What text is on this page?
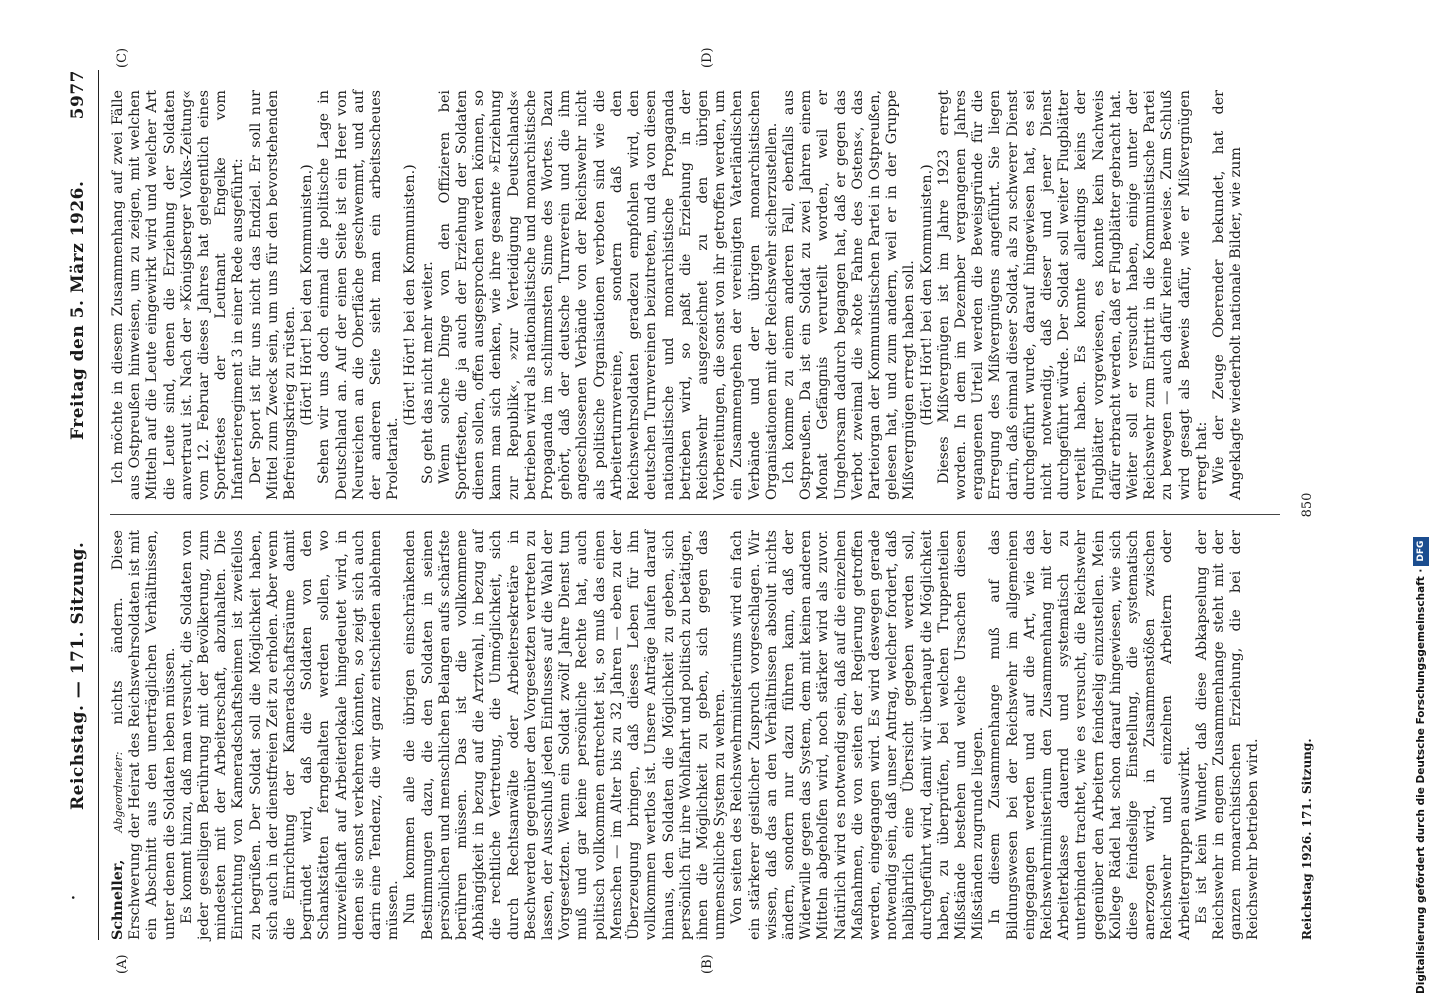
·
Reichstag. — 171. Sitzung.
Freitag den 5. März 1926.
5977

Schneller, Abgeordneter: nichts ändern. Diese Erschwerung der Heirat des Reichswehrsoldaten ist mit ein Abschnitt aus den unerträglichen Verhältnissen, unter denen die Soldaten leben müssen. Es kommt hinzu, daß man versucht, die Soldaten von jeder geselligen Berührung mit der Bevölkerung, zum mindesten mit der Arbeiterschaft, abzuhalten. Die Einrichtung von Kameradschaftsheimen ist zweifellos zu begrüßen. Der Soldat soll die Möglichkeit haben, sich auch in der dienstfreien Zeit zu erholen. Aber wenn die Einrichtung der Kameradschaftsräume damit begründet wird, daß die Soldaten von den Schankstätten ferngehalten werden sollen, wo unzweifelhaft auf Arbeiterlokale hingedeutet wird, in denen sie sonst verkehren könnten, so zeigt sich auch darin eine Tendenz, die wir ganz entschieden ablehnen müssen. Nun kommen alle die übrigen einschränkenden Bestimmungen dazu, die den Soldaten in seinen persönlichen und menschlichen Belangen aufs schärfste berühren müssen. Das ist die vollkommene Abhängigkeit in bezug auf die Arztwahl, in bezug auf die rechtliche Vertretung, die Unmöglichkeit, sich durch Rechtsanwälte oder Arbeitersekretäre in Beschwerden gegenüber den Vorgesetzten vertreten zu lassen, der Ausschluß jeden Einflusses auf die Wahl der Vorgesetzten. Wenn ein Soldat zwölf Jahre Dienst tun muß und gar keine persönliche Rechte hat, auch politisch vollkommen entrechtet ist, so muß das einen Menschen — im Alter bis zu 32 Jahren — eben zu der Überzeugung bringen, daß dieses Leben für ihn vollkommen wertlos ist. Unsere Anträge laufen darauf hinaus, den Soldaten die Möglichkeit zu geben, sich persönlich für ihre Wohlfahrt und politisch zu betätigen, ihnen die Möglichkeit zu geben, sich gegen das unmenschliche System zu wehren. Von seiten des Reichswehrministeriums wird ein fach ein stärkerer geistlicher Zuspruch vorgeschlagen. Wir wissen, daß das an den Verhältnissen absolut nichts ändern, sondern nur dazu führen kann, daß der Widerwille gegen das System, dem mit keinen anderen Mitteln abgeholfen wird, noch stärker wird als zuvor. Natürlich wird es notwendig sein, daß auf die einzelnen Maßnahmen, die von seiten der Regierung getroffen werden, eingegangen wird. Es wird deswegen gerade notwendig sein, daß unser Antrag, welcher fordert, daß halbjährlich eine Übersicht gegeben werden soll, durchgeführt wird, damit wir überhaupt die Möglichkeit haben, zu überprüfen, bei welchen Truppenteilen Mißstände bestehen und welche Ursachen diesen Mißständen zugrunde liegen. In diesem Zusammenhange muß auf das Bildungswesen bei der Reichswehr im allgemeinen eingegangen werden und auf die Art, wie das Reichswehrministerium den Zusammenhang mit der Arbeiterklasse dauernd und systematisch zu unterbinden trachtet, wie es versucht, die Reichswehr gegenüber den Arbeitern feindselig einzustellen. Mein Kollege Rädel hat schon darauf hingewiesen, wie sich diese feindselige Einstellung, die systematisch anerzogen wird, in Zusammenstößen zwischen Reichswehr und einzelnen Arbeitern oder Arbeitergruppen auswirkt. Es ist kein Wunder, daß diese Abkapselung der Reichswehr in engem Zusammenhange steht mit der ganzen monarchistischen Erziehung, die bei der Reichswehr betrieben wird.

Ich möchte in diesem Zusammenhang auf zwei Fälle aus Ostpreußen hinweisen, um zu zeigen, mit welchen Mitteln auf die Leute eingewirkt wird und welcher Art die Leute sind, denen die Erziehung der Soldaten anvertraut ist. Nach der »Königsberger Volks-Zeitung« vom 12. Februar dieses Jahres hat gelegentlich eines Sportfestes der Leutnant Engelke vom Infanterieregiment 3 in einer Rede ausgeführt: Der Sport ist für uns nicht das Endziel. Er soll nur Mittel zum Zweck sein, um uns für den bevorstehenden Befreiungskrieg zu rüsten. (Hört! Hört! bei den Kommunisten.) Sehen wir uns doch einmal die politische Lage in Deutschland an. Auf der einen Seite ist ein Heer von Neureichen an die Oberfläche geschwemmt, und auf der anderen Seite sieht man ein arbeitsscheues Proletariat.

(Hört! Hört! bei den Kommunisten.) So geht das nicht mehr weiter. Wenn solche Dinge von den Offizieren bei Sportfesten, die ja auch der Erziehung der Soldaten dienen sollen, offen ausgesprochen werden können, so kann man sich denken, wie ihre gesamte »Erziehung zur Republik«, »zur Verteidigung Deutschlands« betrieben wird als nationalistische und monarchistische Propaganda im schlimmsten Sinne des Wortes. Dazu gehört, daß der deutsche Turnverein und die ihm angeschlossenen Verbände von der Reichswehr nicht als politische Organisationen verboten sind wie die Arbeiterturnvereine, sondern daß den Reichswehrsoldaten geradezu empfohlen wird, den deutschen Turnvereinen beizutreten, und da von diesen nationalistische und monarchistische Propaganda betrieben wird, so paßt die Erziehung in der Reichswehr ausgezeichnet zu den übrigen Vorbereitungen, die sonst von ihr getroffen werden, um ein Zusammengehen der vereinigten Vaterländischen Verbände und der übrigen monarchistischen Organisationen mit der Reichswehr sicherzustellen. Ich komme zu einem anderen Fall, ebenfalls aus Ostpreußen. Da ist ein Soldat zu zwei Jahren einem Monat Gefängnis verurteilt worden, weil er Ungehorsam dadurch begangen hat, daß er gegen das Verbot zweimal die »Rote Fahne des Ostens«, das Parteiorgan der Kommunistischen Partei in Ostpreußen, gelesen hat, und zum andern, weil er in der Gruppe Mißvergnügen erregt haben soll. (Hört! Hört! bei den Kommunisten.) Dieses Mißvergnügen ist im Jahre 1923 erregt worden. In dem im Dezember vergangenen Jahres ergangenen Urteil werden die Beweisgründe für die Erregung des Mißvergnügens angeführt. Sie liegen darin, daß einmal dieser Soldat, als zu schwerer Dienst durchgeführt wurde, darauf hingewiesen hat, es sei nicht notwendig, daß dieser und jener Dienst durchgeführt würde. Der Soldat soll weiter Flugblätter verteilt haben. Es konnte allerdings keins der Flugblätter vorgewiesen, es konnte kein Nachweis dafür erbracht werden, daß er Flugblätter gebracht hat. Weiter soll er versucht haben, einige unter der Reichswehr zum Eintritt in die Kommunistische Partei zu bewegen — auch dafür keine Beweise. Zum Schluß wird gesagt als Beweis dafür, wie er Mißvergnügen erregt hat: Wie der Zeuge Oberender bekundet, hat der Angeklagte wiederholt nationale Bilder, wie zum

(A)	(B)
(C)	(D)
Reichstag 1926. 171. Sitzung.
850
Digitalisierung gefördert durch die Deutsche Forschungsgemeinschaft ·DFG
